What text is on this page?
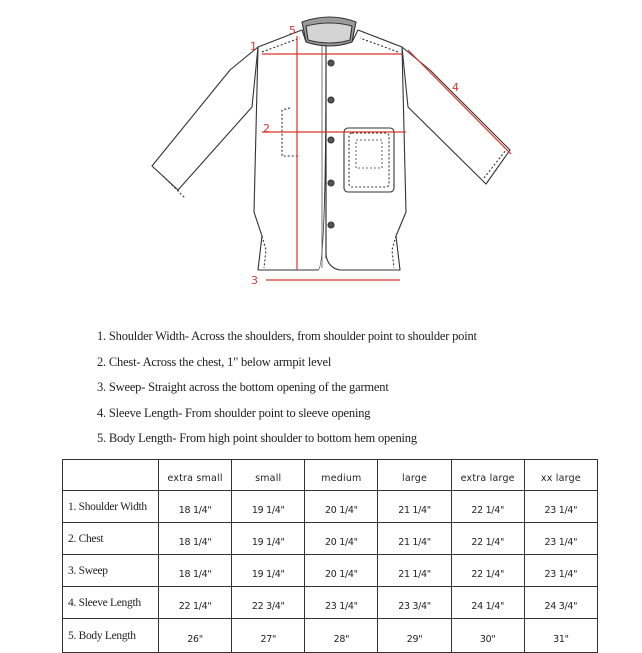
1
2
3
4
5
1. Shoulder Width- Across the shoulders, from shoulder point to shoulder point
2. Chest- Across the chest, 1" below armpit level
3. Sweep- Straight across the bottom opening of the garment
4. Sleeve Length- From shoulder point to sleeve opening
5. Body Length- From high point shoulder to bottom hem opening
	extra small	small	medium	large	extra large	xx large
1. Shoulder Width	18 1/4"	19 1/4"	20 1/4"	21 1/4"	22 1/4"	23 1/4"
2. Chest	18 1/4"	19 1/4"	20 1/4"	21 1/4"	22 1/4"	23 1/4"
3. Sweep	18 1/4"	19 1/4"	20 1/4"	21 1/4"	22 1/4"	23 1/4"
4. Sleeve Length	22 1/4"	22 3/4"	23 1/4"	23 3/4"	24 1/4"	24 3/4"
5. Body Length	26"	27"	28"	29"	30"	31"
